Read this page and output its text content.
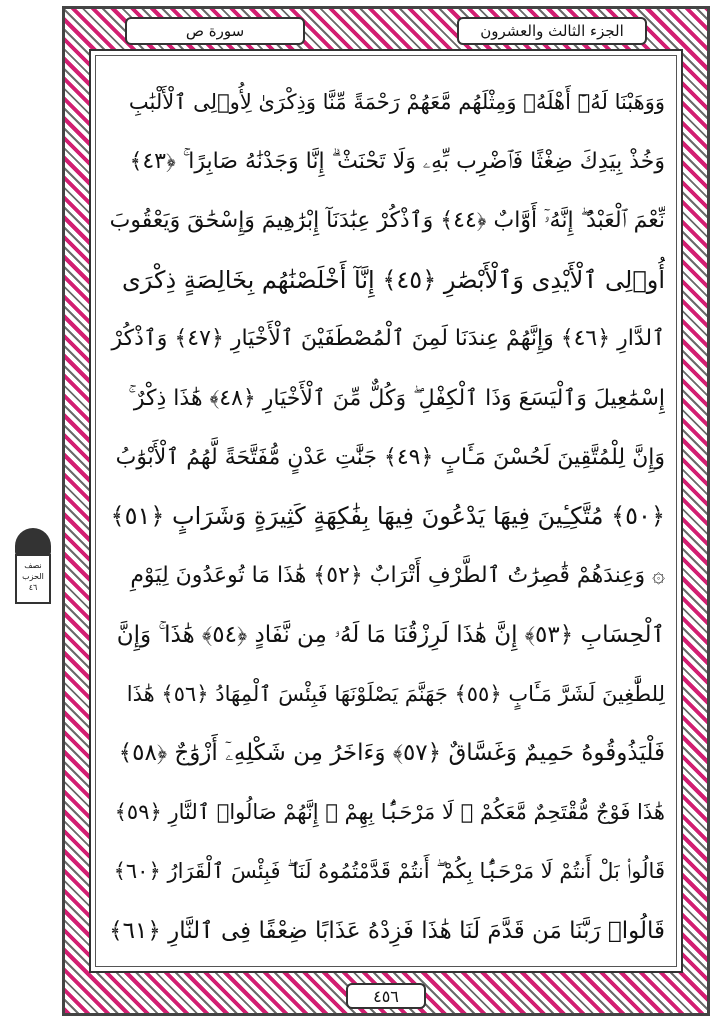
وَوَهَبْنَا لَهُۥٓ أَهْلَهُۥ وَمِثْلَهُم مَّعَهُمْ رَحْمَةً مِّنَّا وَذِكْرَىٰ لِأُو۟لِى ٱلْأَلْبَٰبِ
وَخُذْ بِيَدِكَ ضِغْثًا فَٱضْرِب بِّهِۦ وَلَا تَحْنَثْ ۗ إِنَّا وَجَدْنَٰهُ صَابِرًا ۚ ﴿٤٣﴾
نِّعْمَ ٱلْعَبْدُ ۖ إِنَّهُۥٓ أَوَّابٌ ﴿٤٤﴾ وَٱذْكُرْ عِبَٰدَنَآ إِبْرَٰهِيمَ وَإِسْحَٰقَ وَيَعْقُوبَ
أُو۟لِى ٱلْأَيْدِى وَٱلْأَبْصَٰرِ ﴿٤٥﴾ إِنَّآ أَخْلَصْنَٰهُم بِخَالِصَةٍ ذِكْرَى
ٱلدَّارِ ﴿٤٦﴾ وَإِنَّهُمْ عِندَنَا لَمِنَ ٱلْمُصْطَفَيْنَ ٱلْأَخْيَارِ ﴿٤٧﴾ وَٱذْكُرْ
إِسْمَٰعِيلَ وَٱلْيَسَعَ وَذَا ٱلْكِفْلِ ۖ وَكُلٌّ مِّنَ ٱلْأَخْيَارِ ﴿٤٨﴾ هَٰذَا ذِكْرٌ ۚ
وَإِنَّ لِلْمُتَّقِينَ لَحُسْنَ مَـَٔابٍ ﴿٤٩﴾ جَنَّٰتِ عَدْنٍ مُّفَتَّحَةً لَّهُمُ ٱلْأَبْوَٰبُ
﴿٥٠﴾ مُتَّكِـِٔينَ فِيهَا يَدْعُونَ فِيهَا بِفَٰكِهَةٍ كَثِيرَةٍ وَشَرَابٍ ﴿٥١﴾
۞ وَعِندَهُمْ قَٰصِرَٰتُ ٱلطَّرْفِ أَتْرَابٌ ﴿٥٢﴾ هَٰذَا مَا تُوعَدُونَ لِيَوْمِ
ٱلْحِسَابِ ﴿٥٣﴾ إِنَّ هَٰذَا لَرِزْقُنَا مَا لَهُۥ مِن نَّفَادٍ ﴿٥٤﴾ هَٰذَا ۚ وَإِنَّ
لِلطَّٰغِينَ لَشَرَّ مَـَٔابٍ ﴿٥٥﴾ جَهَنَّمَ يَصْلَوْنَهَا فَبِئْسَ ٱلْمِهَادُ ﴿٥٦﴾ هَٰذَا
فَلْيَذُوقُوهُ حَمِيمٌ وَغَسَّاقٌ ﴿٥٧﴾ وَءَاخَرُ مِن شَكْلِهِۦٓ أَزْوَٰجٌ ﴿٥٨﴾
هَٰذَا فَوْجٌ مُّقْتَحِمٌ مَّعَكُمْ ۖ لَا مَرْحَبًۢا بِهِمْ ۚ إِنَّهُمْ صَالُوا۟ ٱلنَّارِ ﴿٥٩﴾
قَالُوا۟ بَلْ أَنتُمْ لَا مَرْحَبًۢا بِكُمْ ۖ أَنتُمْ قَدَّمْتُمُوهُ لَنَا ۖ فَبِئْسَ ٱلْقَرَارُ ﴿٦٠﴾
قَالُوا۟ رَبَّنَا مَن قَدَّمَ لَنَا هَٰذَا فَزِدْهُ عَذَابًا ضِعْفًا فِى ٱلنَّارِ ﴿٦١﴾
سورة ص	الجزء الثالث والعشرون
٤٥٦
نصف
الحزب
٤٦
